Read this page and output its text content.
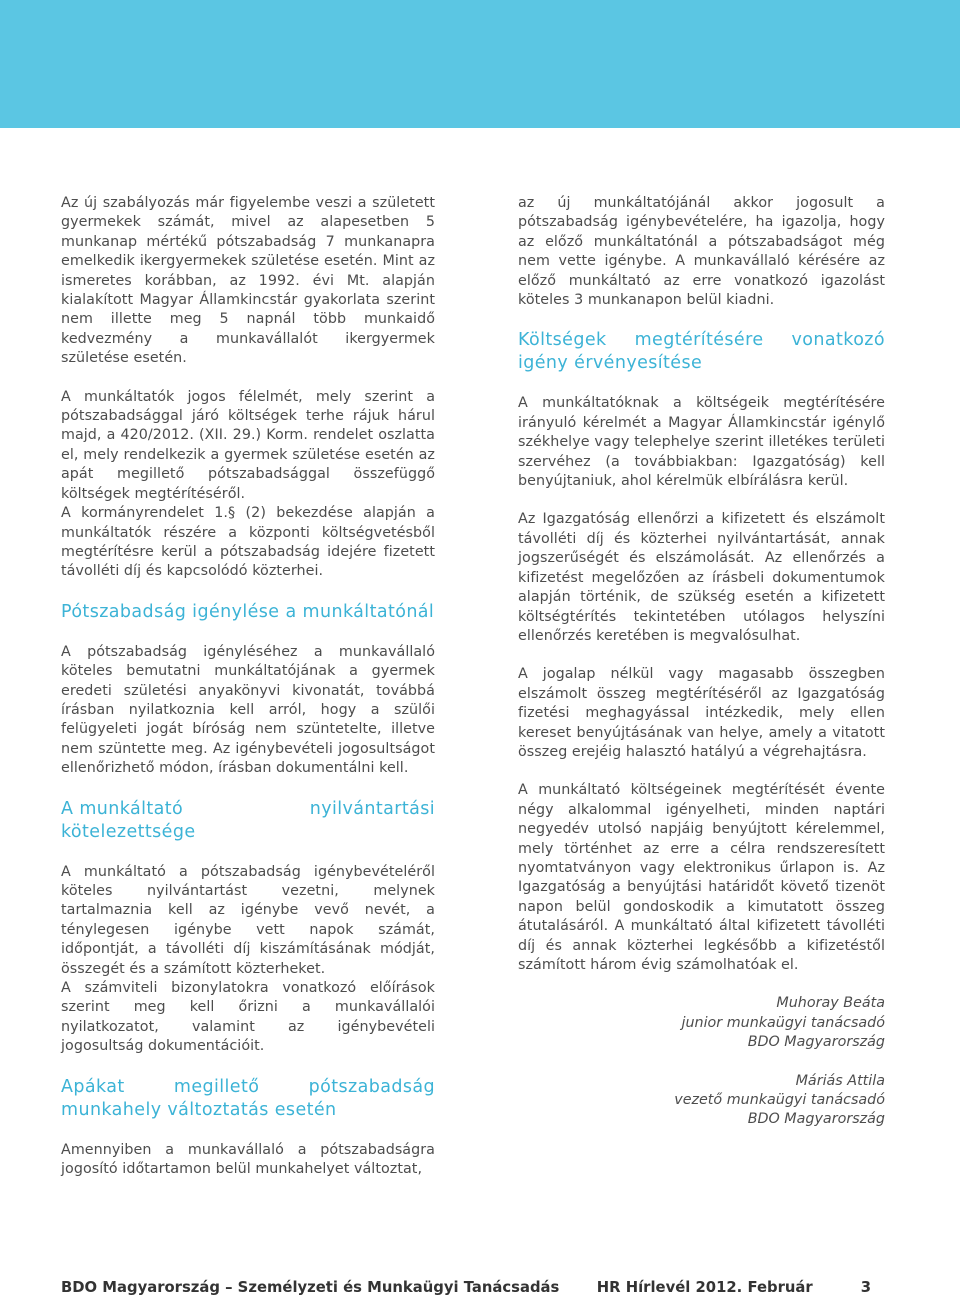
Az új szabályozás már figyelembe veszi a született gyermekek számát, mivel az alapesetben 5 munkanap mértékű pótszabadság 7 munkanapra emelkedik ikergyermekek születése esetén. Mint az ismeretes korábban, az 1992. évi Mt. alapján kialakított Magyar Államkincstár gyakorlata szerint nem illette meg 5 napnál több munkaidő kedvezmény a munkavállalót ikergyermek születése esetén.

A munkáltatók jogos félelmét, mely szerint a pótszabadsággal járó költségek terhe rájuk hárul majd, a 420/2012. (XII. 29.) Korm. rendelet oszlatta el, mely rendelkezik a gyermek születése esetén az apát megillető pótszabadsággal összefüggő költségek megtérítéséről.

A kormányrendelet 1.§ (2) bekezdése alapján a munkáltatók részére a központi költségvetésből megtérítésre kerül a pótszabadság idejére fizetett távolléti díj és kapcsolódó közterhei.

Pótszabadság igénylése a munkáltatónál

A pótszabadság igényléséhez a munkavállaló köteles bemutatni munkáltatójának a gyermek eredeti születési anyakönyvi kivonatát, továbbá írásban nyilatkoznia kell arról, hogy a szülői felügyeleti jogát bíróság nem szüntetelte, illetve nem szüntette meg. Az igénybevételi jogosultságot ellenőrizhető módon, írásban dokumentálni kell.

A munkáltató	nyilvántartási
kötelezettsége

A munkáltató a pótszabadság igénybevételéről köteles nyilvántartást vezetni, melynek tartalmaznia kell az igénybe vevő nevét, a ténylegesen igénybe vett napok számát, időpontját, a távolléti díj kiszámításának módját, összegét és a számított közterheket.

A számviteli bizonylatokra vonatkozó előírások szerint meg kell őrizni a munkavállalói nyilatkozatot, valamint az igénybevételi jogosultság dokumentációit.

Apákat megillető pótszabadság munkahely változtatás esetén

Amennyiben a munkavállaló a pótszabadságra jogosító időtartamon belül munkahelyet változtat,

az új munkáltatójánál akkor jogosult a pótszabadság igénybevételére, ha igazolja, hogy az előző munkáltatónál a pótszabadságot még nem vette igénybe. A munkavállaló kérésére az előző munkáltató az erre vonatkozó igazolást köteles 3 munkanapon belül kiadni.

Költségek megtérítésére vonatkozó igény érvényesítése

A munkáltatóknak a költségeik megtérítésére irányuló kérelmét a Magyar Államkincstár igénylő székhelye vagy telephelye szerint illetékes területi szervéhez (a továbbiakban: Igazgatóság) kell benyújtaniuk, ahol kérelmük elbírálásra kerül.

Az Igazgatóság ellenőrzi a kifizetett és elszámolt távolléti díj és közterhei nyilvántartását, annak jogszerűségét és elszámolását. Az ellenőrzés a kifizetést megelőzően az írásbeli dokumentumok alapján történik, de szükség esetén a kifizetett költségtérítés tekintetében utólagos helyszíni ellenőrzés keretében is megvalósulhat.

A jogalap nélkül vagy magasabb összegben elszámolt összeg megtérítéséről az Igazgatóság fizetési meghagyással intézkedik, mely ellen kereset benyújtásának van helye, amely a vitatott összeg erejéig halasztó hatályú a végrehajtásra.

A munkáltató költségeinek megtérítését évente négy alkalommal igényelheti, minden naptári negyedév utolsó napjáig benyújtott kérelemmel, mely történhet az erre a célra rendszeresített nyomtatványon vagy elektronikus űrlapon is. Az Igazgatóság a benyújtási határidőt követő tizenöt napon belül gondoskodik a kimutatott összeg átutalásáról. A munkáltató által kifizetett távolléti díj és annak közterhei legkésőbb a kifizetéstől számított három évig számolhatóak el.

Muhoray Beáta
junior munkaügyi tanácsadó
BDO Magyarország
Máriás Attila
vezető munkaügyi tanácsadó
BDO Magyarország
BDO Magyarország – Személyzeti és Munkaügyi Tanácsadás	HR Hírlevél 2012. Február	3
